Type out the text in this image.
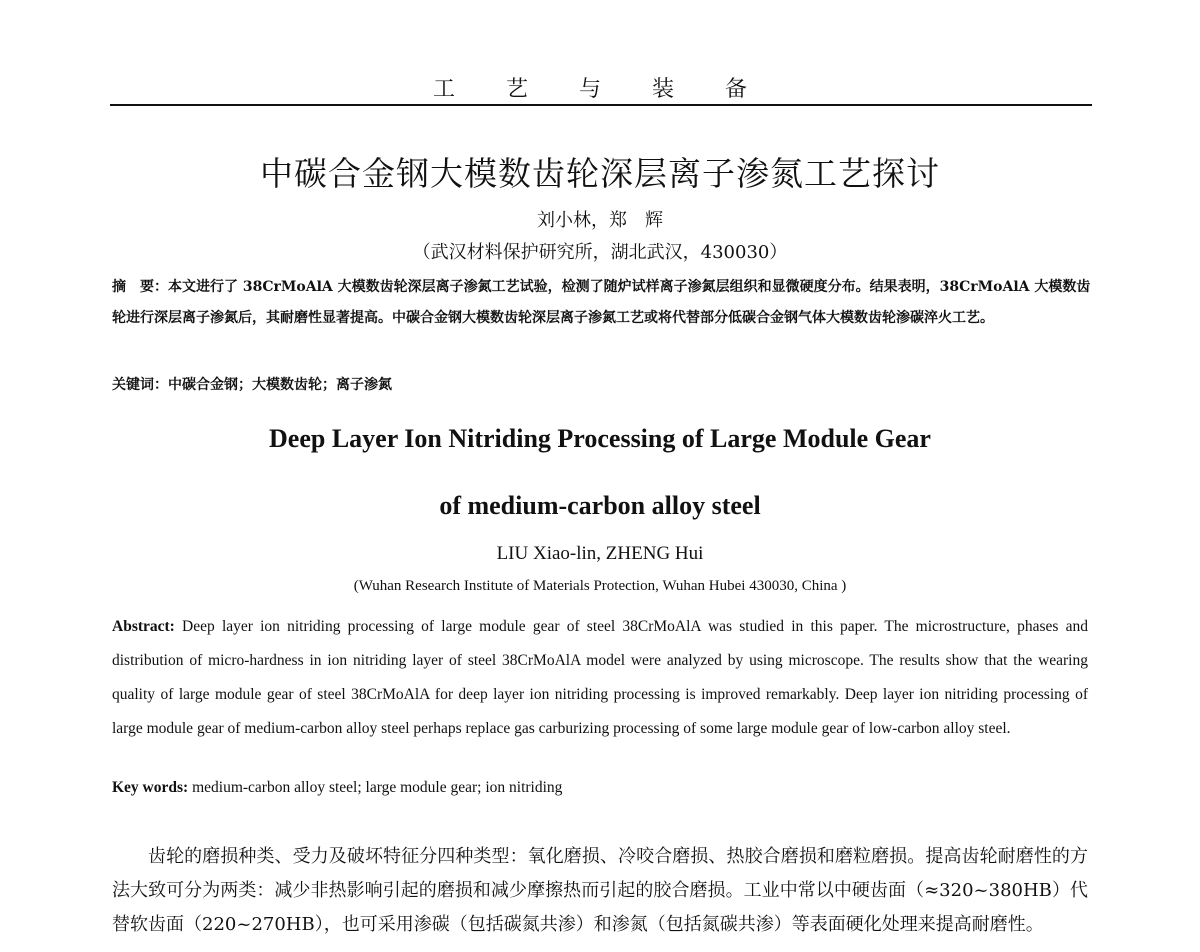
工 艺 与 装 备
中碳合金钢大模数齿轮深层离子渗氮工艺探讨
刘小林，郑　辉
（武汉材料保护研究所，湖北武汉，430030）
摘　要：本文进行了 38CrMoAlA 大模数齿轮深层离子渗氮工艺试验，检测了随炉试样离子渗氮层组织和显微硬度分布。结果表明，38CrMoAlA 大模数齿轮进行深层离子渗氮后，其耐磨性显著提高。中碳合金钢大模数齿轮深层离子渗氮工艺或将代替部分低碳合金钢气体大模数齿轮渗碳淬火工艺。
关键词：中碳合金钢；大模数齿轮；离子渗氮
Deep Layer Ion Nitriding Processing of Large Module Gear
of medium-carbon alloy steel
LIU Xiao-lin, ZHENG Hui
(Wuhan Research Institute of Materials Protection, Wuhan Hubei 430030, China )
Abstract: Deep layer ion nitriding processing of large module gear of steel 38CrMoAlA was studied in this paper. The microstructure, phases and distribution of micro-hardness in ion nitriding layer of steel 38CrMoAlA model were analyzed by using microscope. The results show that the wearing quality of large module gear of steel 38CrMoAlA for deep layer ion nitriding processing is improved remarkably. Deep layer ion nitriding processing of large module gear of medium-carbon alloy steel perhaps replace gas carburizing processing of some large module gear of low-carbon alloy steel.
Key words: medium-carbon alloy steel; large module gear; ion nitriding
齿轮的磨损种类、受力及破坏特征分四种类型：氧化磨损、冷咬合磨损、热胶合磨损和磨粒磨损。提高齿轮耐磨性的方法大致可分为两类：减少非热影响引起的磨损和减少摩擦热而引起的胶合磨损。工业中常以中硬齿面（≈320~380HB）代替软齿面（220~270HB），也可采用渗碳（包括碳氮共渗）和渗氮（包括氮碳共渗）等表面硬化处理来提高耐磨性。
